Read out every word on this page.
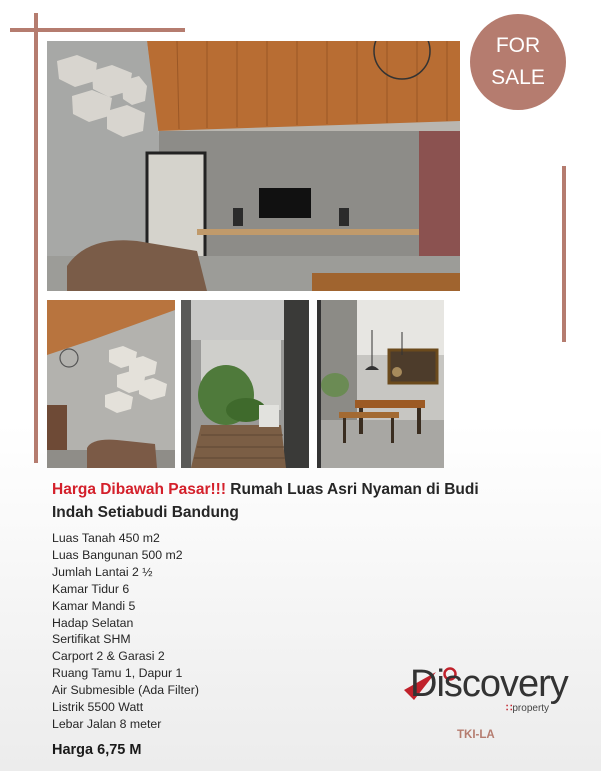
FOR
SALE
Harga Dibawah Pasar!!! Rumah Luas Asri Nyaman di Budi
Indah Setiabudi Bandung
Luas Tanah 450 m2
Luas Bangunan 500 m2
Jumlah Lantai 2 ½
Kamar Tidur 6
Kamar Mandi 5
Hadap Selatan
Sertifikat SHM
Carport 2 & Garasi 2
Ruang Tamu 1, Dapur 1
Air Submesible (Ada Filter)
Listrik 5500 Watt
Lebar Jalan 8 meter
Harga 6,75 M
Discovery
∷property
TKI-LA
